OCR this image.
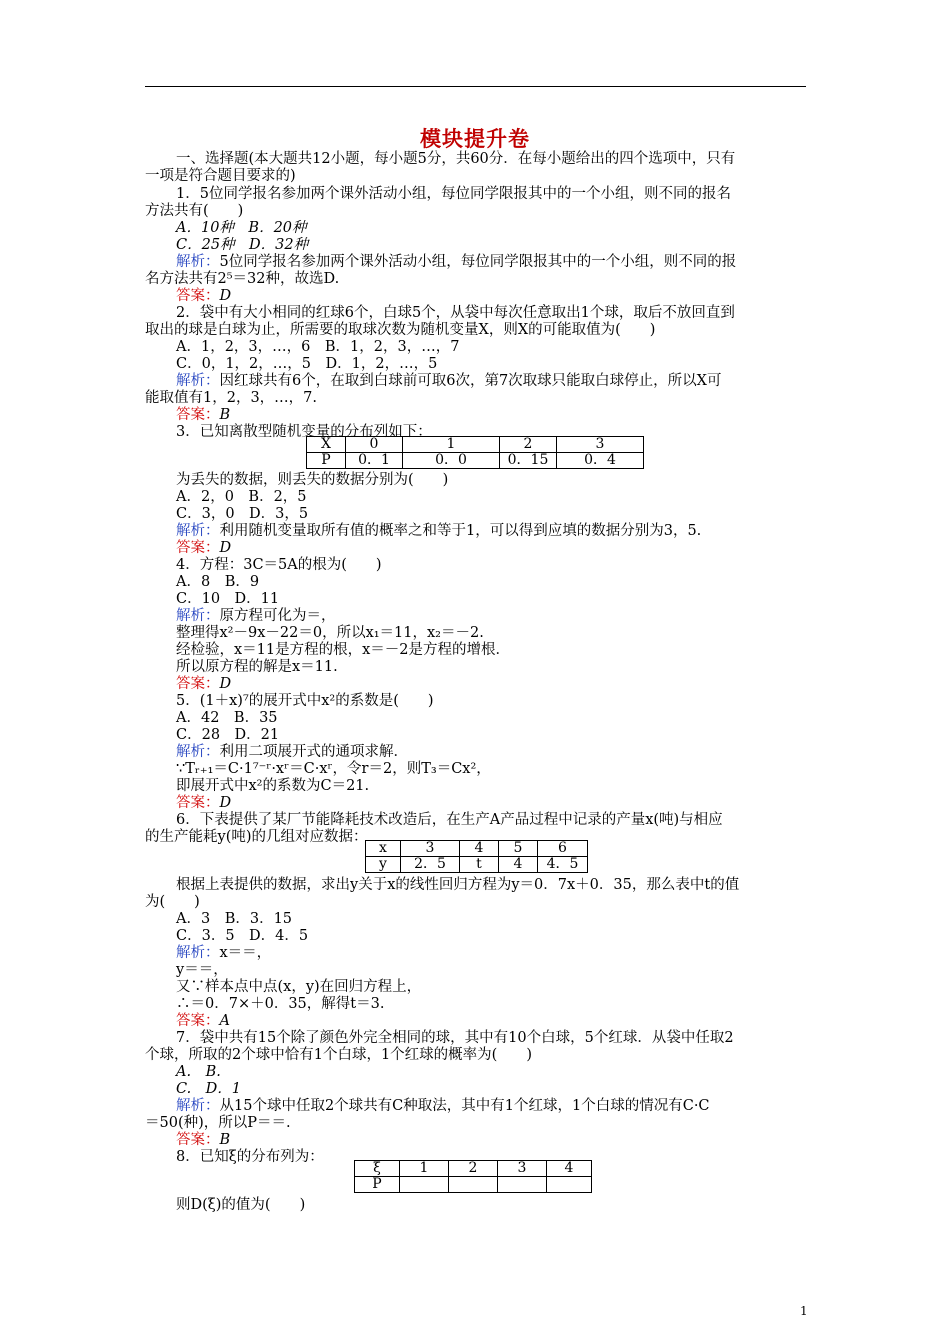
模块提升卷
一、选择题(本大题共12小题，每小题5分，共60分．在每小题给出的四个选项中，只有
一项是符合题目要求的)
1．5位同学报名参加两个课外活动小组，每位同学限报其中的一个小组，则不同的报名
方法共有(　　)
A．10种　B．20种
C．25种　D．32种
解析：5位同学报名参加两个课外活动小组，每位同学限报其中的一个小组，则不同的报
名方法共有2⁵＝32种，故选D.
答案：D
2．袋中有大小相同的红球6个，白球5个，从袋中每次任意取出1个球，取后不放回直到
取出的球是白球为止，所需要的取球次数为随机变量X，则X的可能取值为(　　)
A．1，2，3，…，6　B．1，2，3，…，7
C．0，1，2，…，5　D．1，2，…，5
解析：因红球共有6个，在取到白球前可取6次，第7次取球只能取白球停止，所以X可
能取值有1，2，3，…，7.
答案：B
3．已知离散型随机变量的分布列如下：
X	0	1	2	3
P	0．1	0．0	0．15	0．4
为丢失的数据，则丢失的数据分别为(　　)
A．2，0　B．2，5
C．3，0　D．3，5
解析：利用随机变量取所有值的概率之和等于1，可以得到应填的数据分别为3，5.
答案：D
4．方程：3C＝5A的根为(　　)
A．8　B．9
C．10　D．11
解析：原方程可化为＝，
整理得x²－9x－22＝0，所以x₁＝11，x₂＝－2.
经检验，x＝11是方程的根，x＝－2是方程的增根．
所以原方程的解是x＝11.
答案：D
5．(1＋x)⁷的展开式中x²的系数是(　　)
A．42　B．35
C．28　D．21
解析：利用二项展开式的通项求解．
∵Tᵣ₊₁＝C·1⁷⁻ʳ·xʳ＝C·xʳ，令r＝2，则T₃＝Cx²，
即展开式中x²的系数为C＝21.
答案：D
6．下表提供了某厂节能降耗技术改造后，在生产A产品过程中记录的产量x(吨)与相应
的生产能耗y(吨)的几组对应数据：
x	3	4	5	6
y	2．5	t	4	4．5
根据上表提供的数据，求出y关于x的线性回归方程为y＝0．7x＋0．35，那么表中t的值
为(　　)
A．3　B．3．15
C．3．5　D．4．5
解析：x＝＝，
y＝＝，
又∵样本点中点(x，y)在回归方程上，
∴＝0．7×＋0．35，解得t＝3.
答案：A
7．袋中共有15个除了颜色外完全相同的球，其中有10个白球，5个红球．从袋中任取2
个球，所取的2个球中恰有1个白球，1个红球的概率为(　　)
A.　B.
C.　D．1
解析：从15个球中任取2个球共有C种取法，其中有1个红球，1个白球的情况有C·C
＝50(种)，所以P＝＝.
答案：B
8．已知ξ的分布列为：
ξ	1	2	3	4
P				
则D(ξ)的值为(　　)
1
